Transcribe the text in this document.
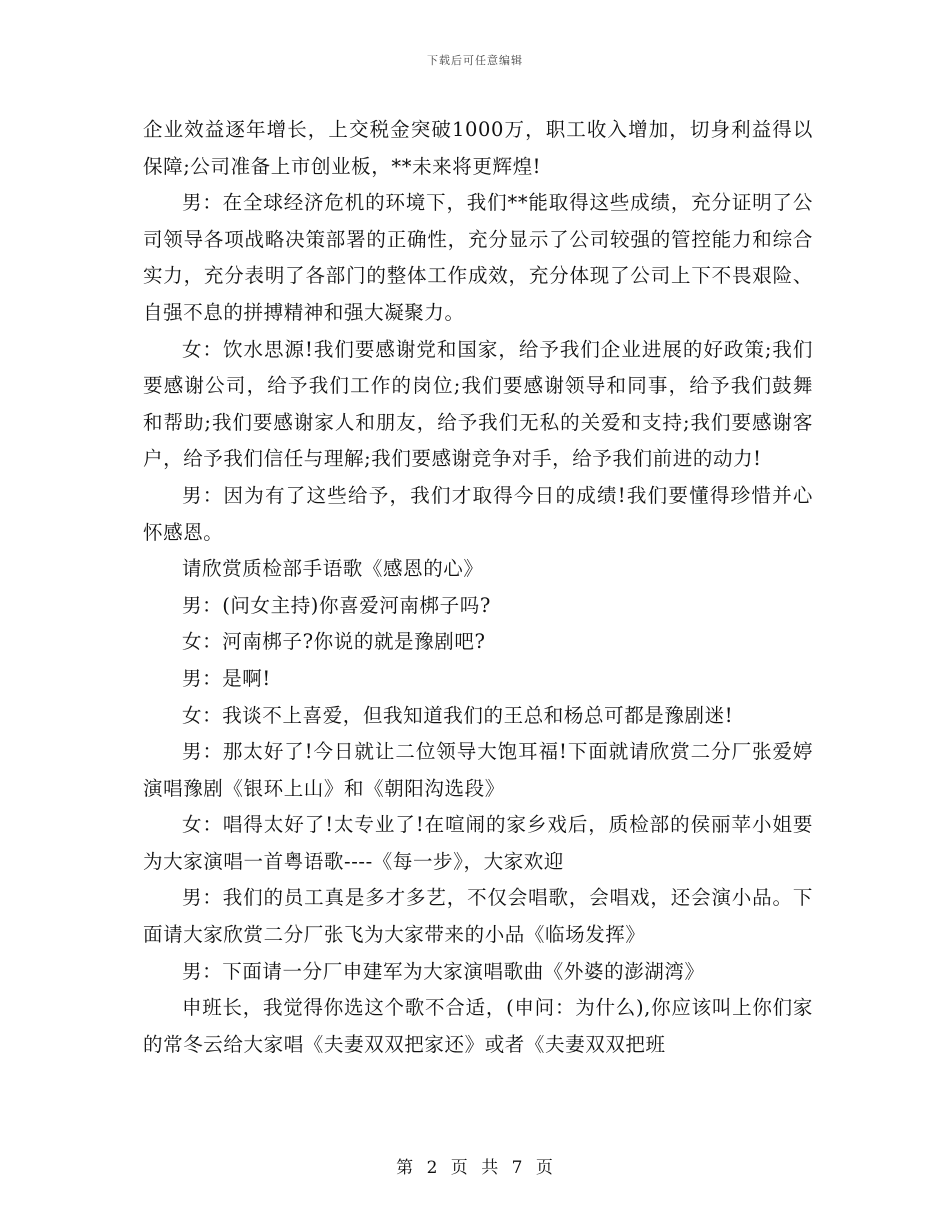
下载后可任意编辑

企业效益逐年增长，上交税金突破1000万，职工收入增加，切身利益得以保障;公司准备上市创业板，**未来将更辉煌!

男：在全球经济危机的环境下，我们**能取得这些成绩，充分证明了公司领导各项战略决策部署的正确性，充分显示了公司较强的管控能力和综合实力，充分表明了各部门的整体工作成效，充分体现了公司上下不畏艰险、自强不息的拼搏精神和强大凝聚力。

女：饮水思源!我们要感谢党和国家，给予我们企业进展的好政策;我们要感谢公司，给予我们工作的岗位;我们要感谢领导和同事，给予我们鼓舞和帮助;我们要感谢家人和朋友，给予我们无私的关爱和支持;我们要感谢客户，给予我们信任与理解;我们要感谢竞争对手，给予我们前进的动力!

男：因为有了这些给予，我们才取得今日的成绩!我们要懂得珍惜并心怀感恩。

请欣赏质检部手语歌《感恩的心》

男：(问女主持)你喜爱河南梆子吗?

女：河南梆子?你说的就是豫剧吧?

男：是啊!

女：我谈不上喜爱，但我知道我们的王总和杨总可都是豫剧迷!

男：那太好了!今日就让二位领导大饱耳福!下面就请欣赏二分厂张爱婷演唱豫剧《银环上山》和《朝阳沟选段》

女：唱得太好了!太专业了!在喧闹的家乡戏后，质检部的侯丽苹小姐要为大家演唱一首粤语歌----《每一步》，大家欢迎

男：我们的员工真是多才多艺，不仅会唱歌，会唱戏，还会演小品。下面请大家欣赏二分厂张飞为大家带来的小品《临场发挥》

男：下面请一分厂申建军为大家演唱歌曲《外婆的澎湖湾》

申班长，我觉得你选这个歌不合适，(申问：为什么),你应该叫上你们家的常冬云给大家唱《夫妻双双把家还》或者《夫妻双双把班

第 2 页 共 7 页
